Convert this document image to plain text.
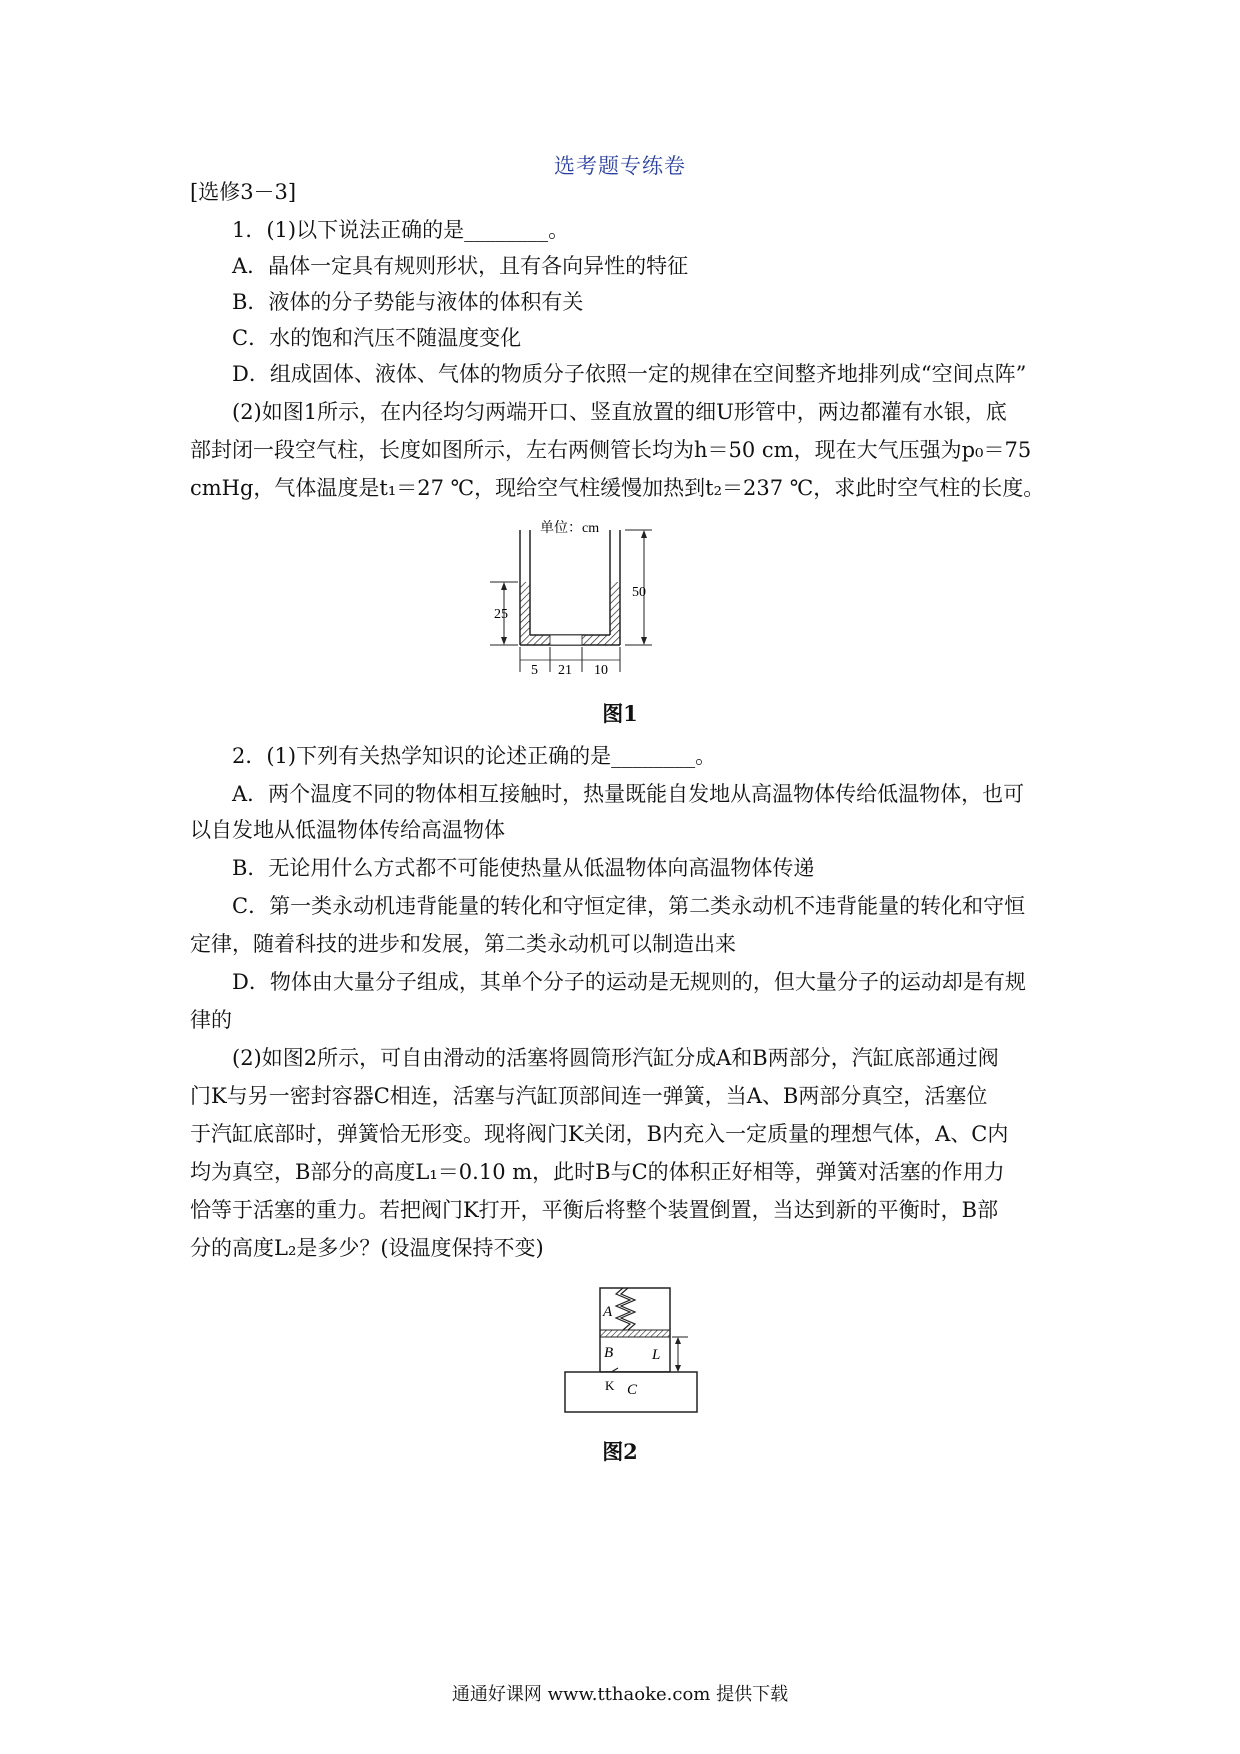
选考题专练卷
[选修3－3]
1．(1)以下说法正确的是________。
A．晶体一定具有规则形状，且有各向异性的特征
B．液体的分子势能与液体的体积有关
C．水的饱和汽压不随温度变化
D．组成固体、液体、气体的物质分子依照一定的规律在空间整齐地排列成“空间点阵”
(2)如图1所示，在内径均匀两端开口、竖直放置的细U形管中，两边都灌有水银，底
部封闭一段空气柱，长度如图所示，左右两侧管长均为h＝50 cm，现在大气压强为p₀＝75
cmHg，气体温度是t₁＝27 ℃，现给空气柱缓慢加热到t₂＝237 ℃，求此时空气柱的长度。
单位：cm
50
25
5 21 10
图1
2．(1)下列有关热学知识的论述正确的是________。
A．两个温度不同的物体相互接触时，热量既能自发地从高温物体传给低温物体，也可
以自发地从低温物体传给高温物体
B．无论用什么方式都不可能使热量从低温物体向高温物体传递
C．第一类永动机违背能量的转化和守恒定律，第二类永动机不违背能量的转化和守恒
定律，随着科技的进步和发展，第二类永动机可以制造出来
D．物体由大量分子组成，其单个分子的运动是无规则的，但大量分子的运动却是有规
律的
(2)如图2所示，可自由滑动的活塞将圆筒形汽缸分成A和B两部分，汽缸底部通过阀
门K与另一密封容器C相连，活塞与汽缸顶部间连一弹簧，当A、B两部分真空，活塞位
于汽缸底部时，弹簧恰无形变。现将阀门K关闭，B内充入一定质量的理想气体，A、C内
均为真空，B部分的高度L₁＝0.10 m，此时B与C的体积正好相等，弹簧对活塞的作用力
恰等于活塞的重力。若把阀门K打开，平衡后将整个装置倒置，当达到新的平衡时，B部
分的高度L₂是多少？(设温度保持不变)
A
B
K C
L
图2
通通好课网 www.tthaoke.com 提供下载
